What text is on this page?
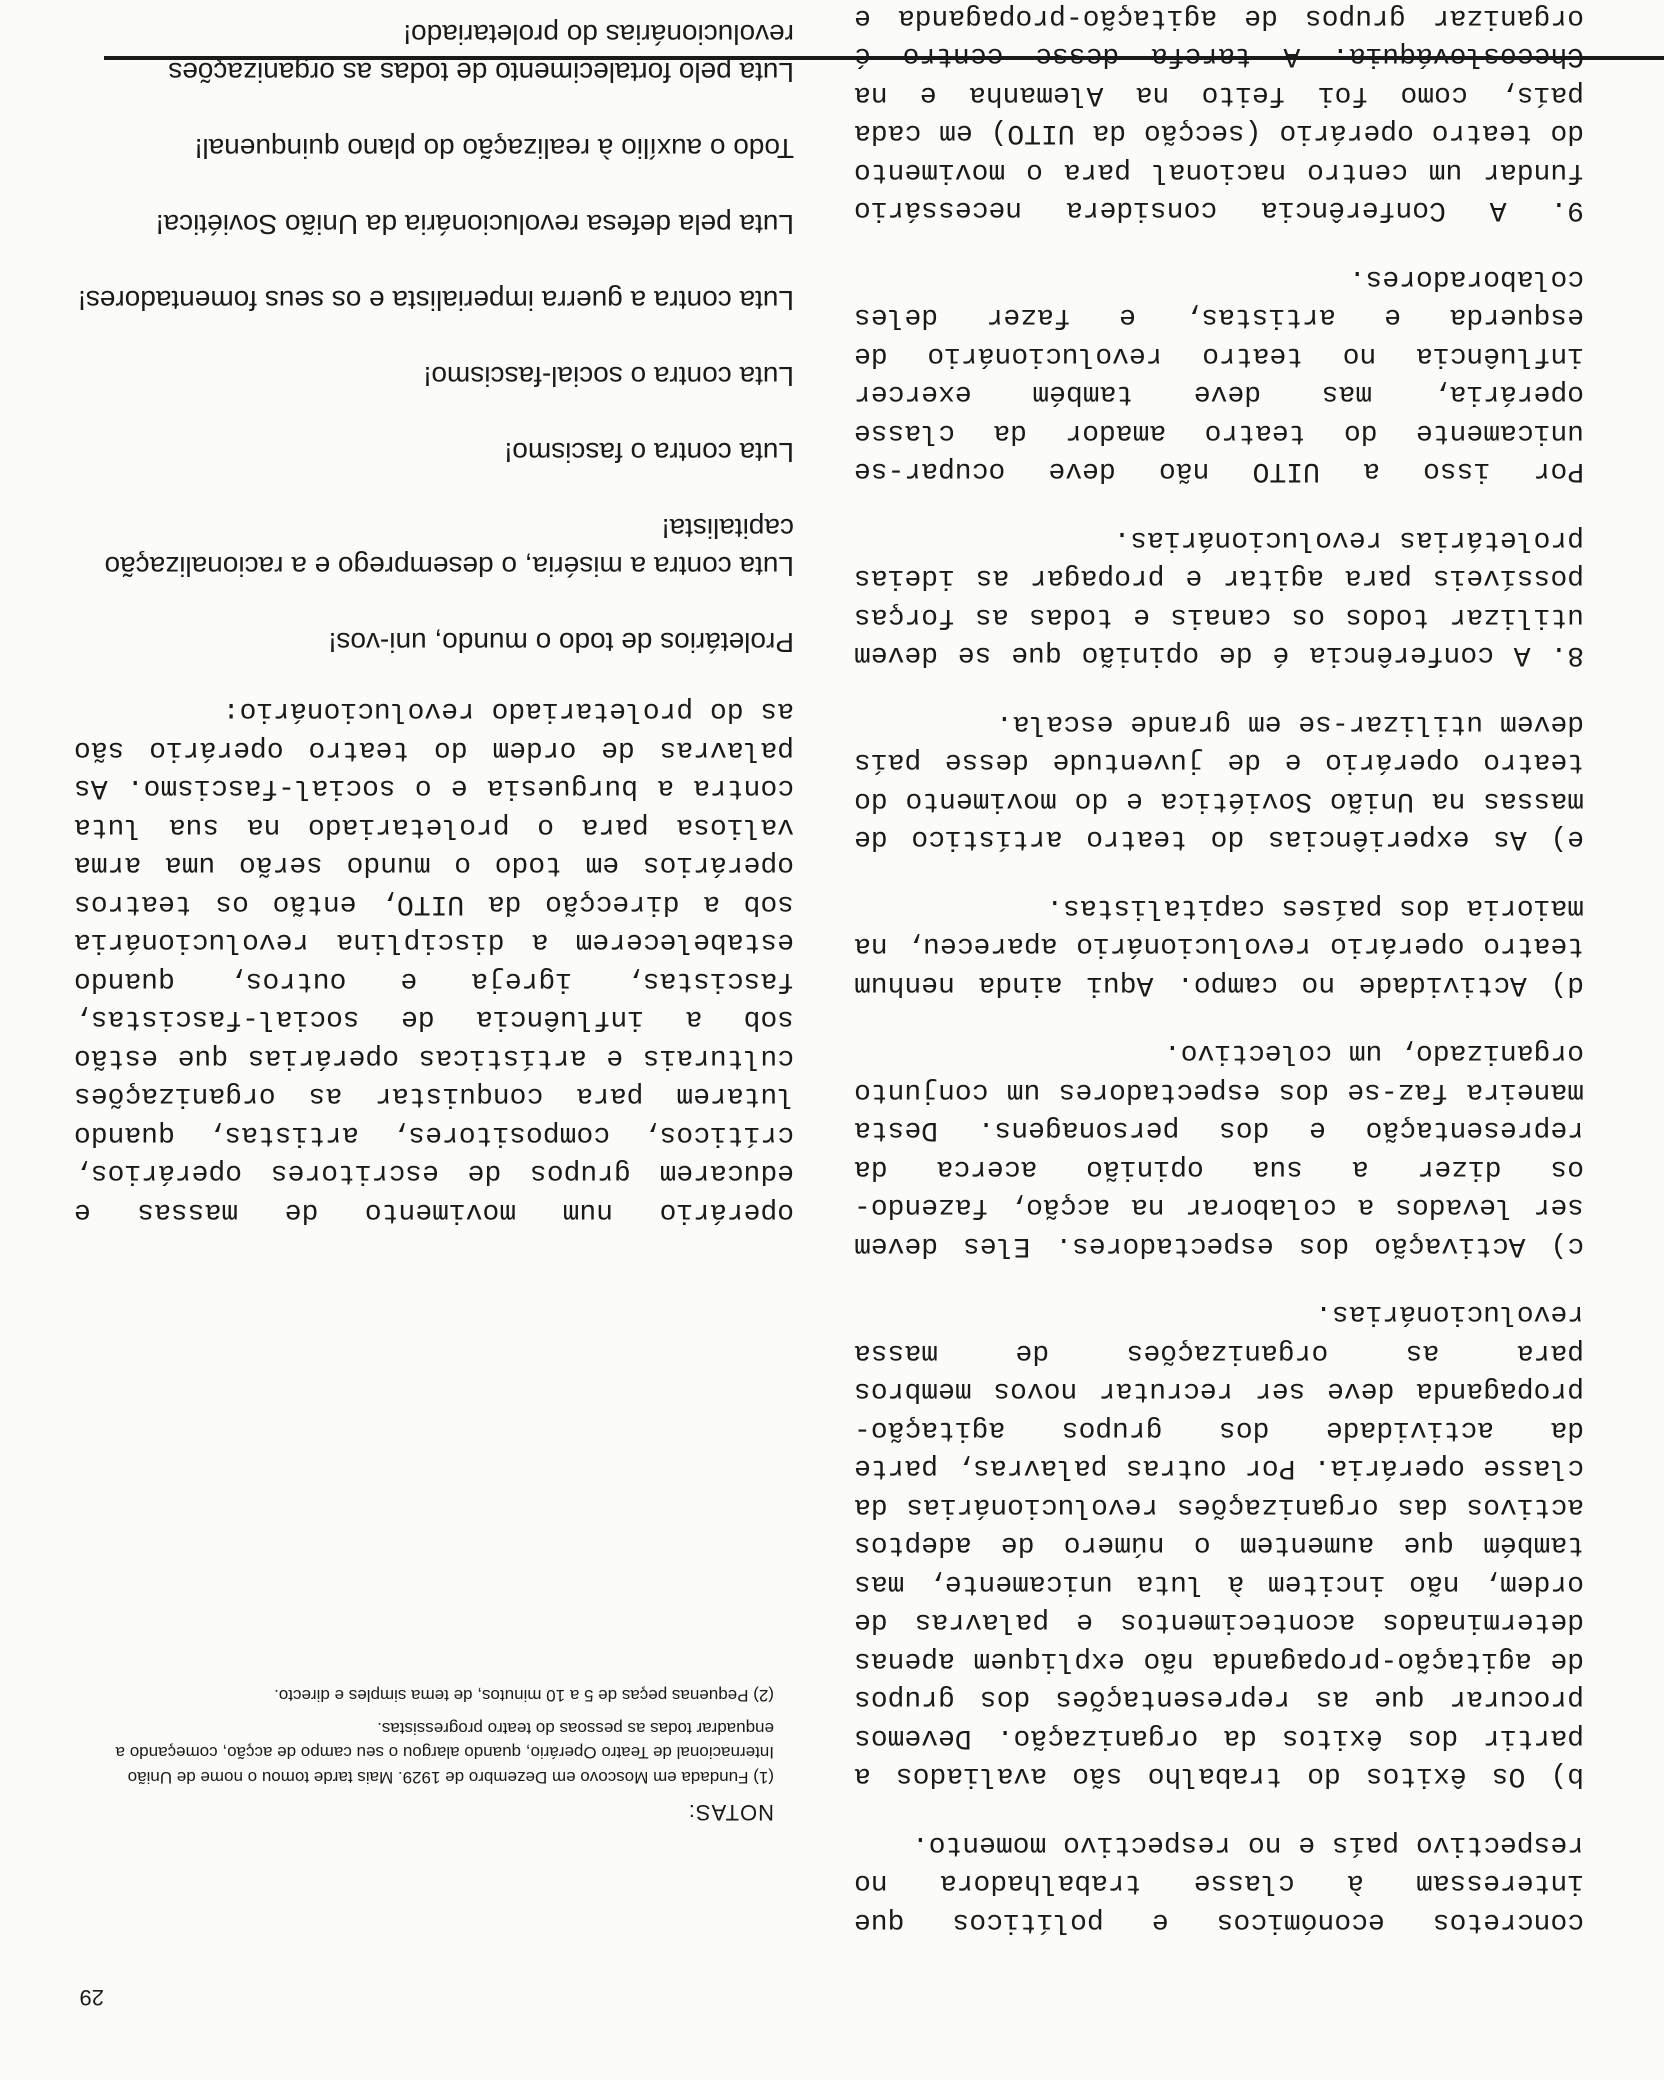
concretos económicos e políticos que interessam à classe trabalhadora no respectivo país e no respectivo momento.

b) Os êxitos do trabalho são avaliados a partir dos êxitos da organização. Devemos procurar que as representações dos grupos de agitação-propaganda não expliquem apenas determinados acontecimentos e palavras de ordem, não incitem à luta unicamente, mas também que aumentem o número de adeptos activos das organizações revolucionárias da classe operária. Por outras palavras, parte da actividade dos grupos agitação-propaganda deve ser recrutar novos membros para as organizações de massa revolucionárias.

c) Activação dos espectadores. Eles devem ser levados a colaborar na acção, fazendo-os dizer a sua opinião acerca da representação e dos personagens. Desta maneira faz-se dos espectadores um conjunto organizado, um colectivo.

d) Actividade no campo. Aqui ainda nenhum teatro operário revolucionário apareceu, na maioria dos países capitalistas.

e) As experiências do teatro artístico de massas na União Soviética e do movimento do teatro operário e de juventude desse país devem utilizar-se em grande escala.

8. A conferência é de opinião que se devem utilizar todos os canais e todas as forças possíveis para agitar e propagar as ideias proletárias revolucionárias.

Por isso a UITO não deve ocupar-se unicamente do teatro amador da classe operária, mas deve também exercer influência no teatro revolucionário de esquerda e artistas, e fazer deles colaboradores.

9. A Conferência considera necessário fundar um centro nacional para o movimento do teatro operário (secção da UITO) em cada país, como foi feito na Alemanha e na Checoslováquia. A tarefa desse centro é organizar grupos de agitação-propaganda e

operário num movimento de massas e educarem grupos de escritores operários, críticos, compositores, artistas, quando lutarem para conquistar as organizações culturais e artísticas operárias que estão sob a influência de social-fascistas, fascistas, igreja e outros, quando estabelecerem a disciplina revolucionária sob a direcção da UITO, então os teatros operários em todo o mundo serão uma arma valiosa para o proletariado na sua luta contra a burguesia e o social-fascismo. As palavras de ordem do teatro operário são as do proletariado revolucionário:

Proletários de todo o mundo, uni-vos!

Luta contra a miséria, o desemprego e a racionalização capitalista!

Luta contra o fascismo!

Luta contra o social-fascismo!

Luta contra a guerra imperialista e os seus fomentadores!

Luta pela defesa revolucionária da União Soviética!

Todo o auxílio à realização do plano quinquenal!

Luta pelo fortalecimento de todas as organizações revolucionárias do proletariado!

NOTAS:

(1) Fundada em Moscovo em Dezembro de 1929. Mais tarde tomou o nome de União Internacional de Teatro Operário, quando alargou o seu campo de acção, começando a enquadrar todas as pessoas do teatro progressistas.

(2) Pequenas peças de 5 a 10 minutos, de tema simples e directo.

29
